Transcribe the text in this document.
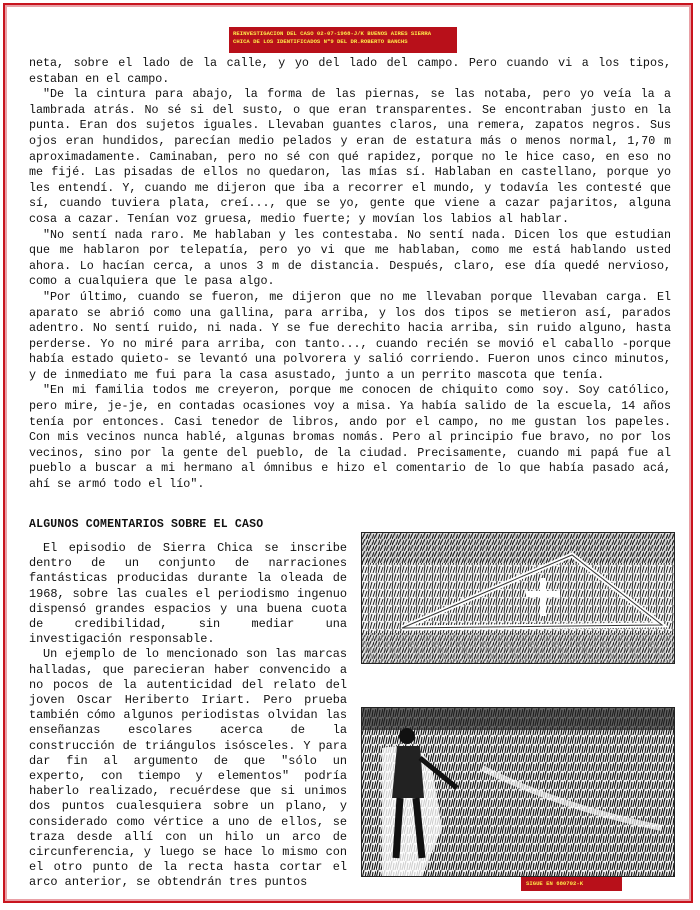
REINVESTIGACION DEL CASO 02-07-1968-J/K BUENOS AIRES SIERRA
CHICA DE LOS IDENTIFICADOS Nº9 DEL DR.ROBERTO BANCHS

neta, sobre el lado de la calle, y yo del lado del campo. Pero cuando vi a los tipos, estaban en el campo.

"De la cintura para abajo, la forma de las piernas, se las notaba, pero yo veía la a lambrada atrás. No sé si del susto, o que eran transparentes. Se encontraban justo en la punta. Eran dos sujetos iguales. Llevaban guantes claros, una remera, zapatos negros. Sus ojos eran hundidos, parecían medio pelados y eran de estatura más o menos normal, 1,70 m aproximadamente. Caminaban, pero no sé con qué rapidez, porque no le hice caso, en eso no me fijé. Las pisadas de ellos no quedaron, las mías sí. Hablaban en castellano, porque yo les entendí. Y, cuando me dijeron que iba a recorrer el mundo, y todavía les contesté que sí, cuando tuviera plata, creí..., que se yo, gente que viene a cazar pajaritos, alguna cosa a cazar. Tenían voz gruesa, medio fuerte; y movían los labios al hablar.

"No sentí nada raro. Me hablaban y les contestaba. No sentí nada. Dicen los que estudian que me hablaron por telepatía, pero yo vi que me hablaban, como me está hablando usted ahora. Lo hacían cerca, a unos 3 m de distancia. Después, claro, ese día quedé nervioso, como a cualquiera que le pasa algo.

"Por último, cuando se fueron, me dijeron que no me llevaban porque llevaban carga. El aparato se abrió como una gallina, para arriba, y los dos tipos se metieron así, parados adentro. No sentí ruido, ni nada. Y se fue derechito hacia arriba, sin ruido alguno, hasta perderse. Yo no miré para arriba, con tanto..., cuando recién se movió el caballo -porque había estado quieto- se levantó una polvorera y salió corriendo. Fueron unos cinco minutos, y de inmediato me fui para la casa asustado, junto a un perrito mascota que tenía.

"En mi familia todos me creyeron, porque me conocen de chiquito como soy. Soy católico, pero mire, je-je, en contadas ocasiones voy a misa. Ya había salido de la escuela, 14 años tenía por entonces. Casi tenedor de libros, ando por el campo, no me gustan los papeles. Con mis vecinos nunca hablé, algunas bromas nomás. Pero al principio fue bravo, no por los vecinos, sino por la gente del pueblo, de la ciudad. Precisamente, cuando mi papá fue al pueblo a buscar a mi hermano al ómnibus e hizo el comentario de lo que había pasado acá, ahí se armó todo el lío".

ALGUNOS COMENTARIOS SOBRE EL CASO

El episodio de Sierra Chica se inscribe dentro de un conjunto de narraciones fantásticas producidas durante la oleada de 1968, sobre las cuales el periodismo ingenuo dispensó grandes espacios y una buena cuota de credibilidad, sin mediar una investigación responsable.

Un ejemplo de lo mencionado son las marcas halladas, que parecieran haber convencido a no pocos de la autenticidad del relato del joven Oscar Heriberto Iriart. Pero prueba también cómo algunos periodistas olvidan las enseñanzas escolares acerca de la construcción de triángulos isósceles. Y para dar fin al argumento de que "sólo un experto, con tiempo y elementos" podría haberlo realizado, recuérdese que si unimos dos puntos cualesquiera sobre un plano, y considerado como vértice a uno de ellos, se traza desde allí con un hilo un arco de circunferencia, y luego se hace lo mismo con el otro punto de la recta hasta cortar el arco anterior, se obtendrán tres puntos	SIGUE EN 680702-K
